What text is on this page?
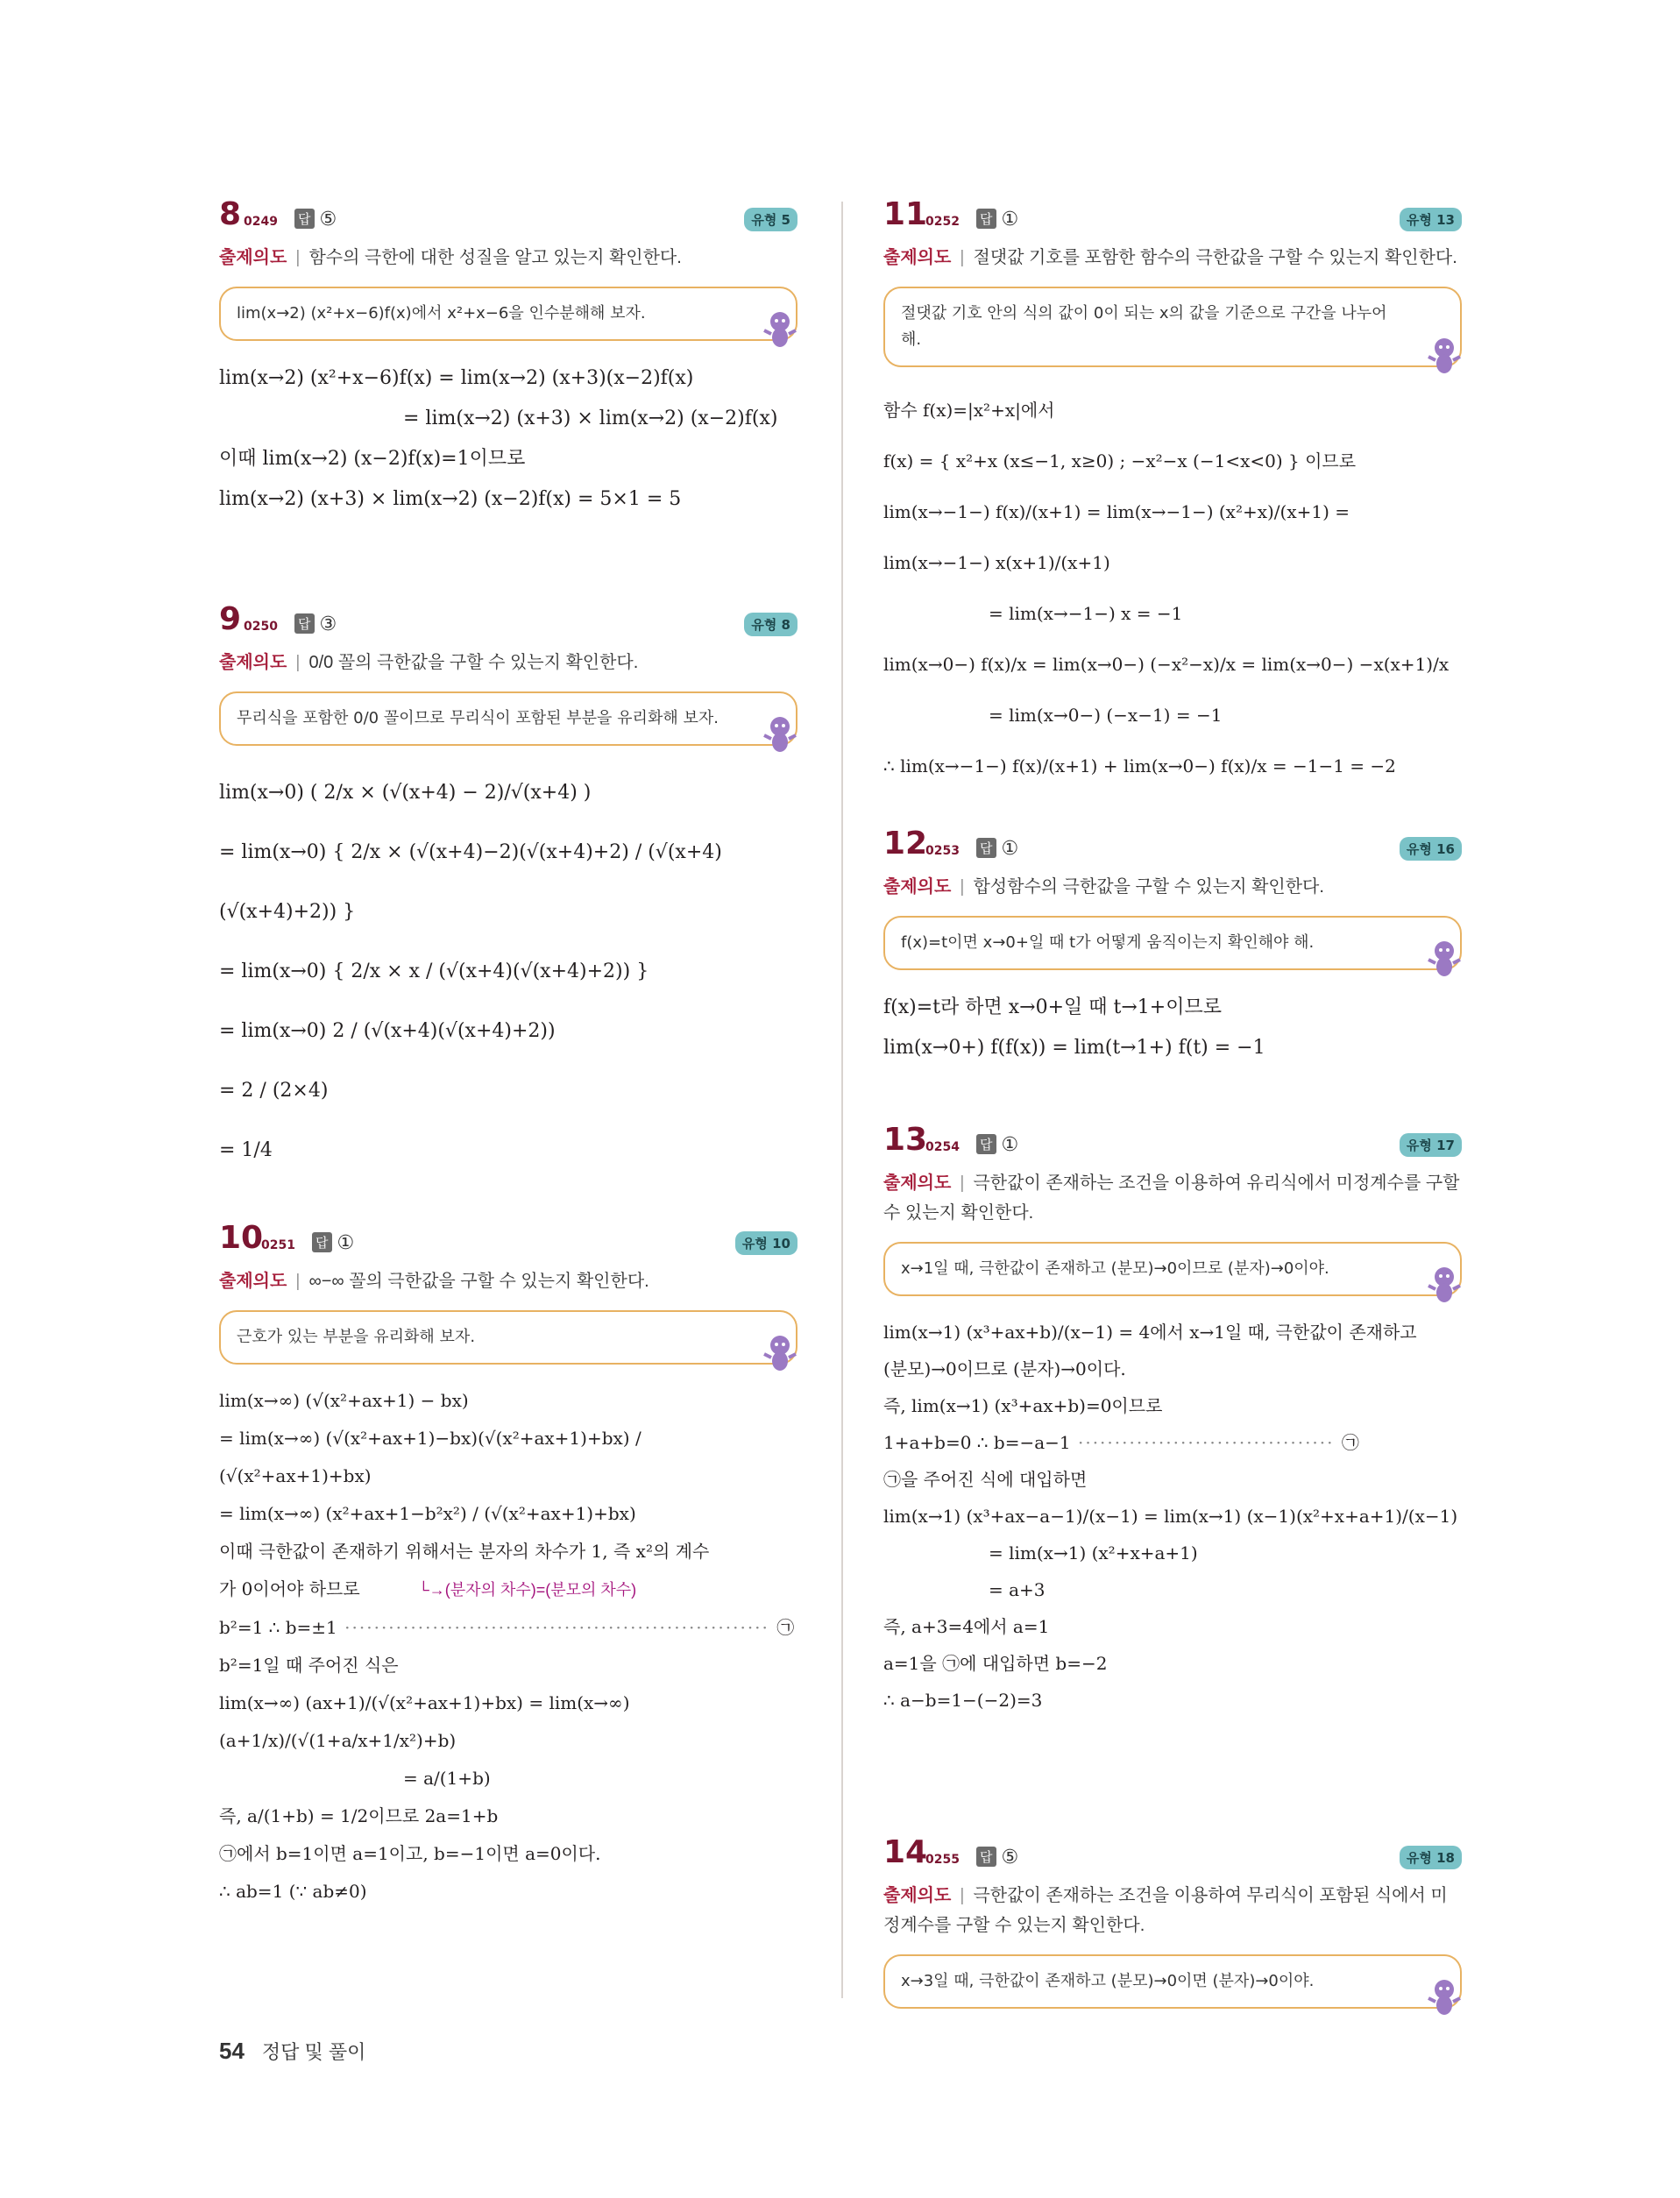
8 0249 답 ⑤	유형 5
출제의도 | 함수의 극한에 대한 성질을 알고 있는지 확인한다.
lim(x→2) (x²+x−6)f(x)에서 x²+x−6을 인수분해해 보자.
lim(x→2) (x²+x−6)f(x) = lim(x→2) (x+3)(x−2)f(x)
= lim(x→2) (x+3) × lim(x→2) (x−2)f(x)
이때 lim(x→2) (x−2)f(x)=1이므로
lim(x→2) (x+3) × lim(x→2) (x−2)f(x) = 5×1 = 5
9 0250 답 ③	유형 8
출제의도 | 0/0 꼴의 극한값을 구할 수 있는지 확인한다.
무리식을 포함한 0/0 꼴이므로 무리식이 포함된 부분을 유리화해 보자.
lim(x→0) ( 2/x × (√(x+4) − 2)/√(x+4) )
= lim(x→0) { 2/x × (√(x+4)−2)(√(x+4)+2) / (√(x+4)(√(x+4)+2)) }
= lim(x→0) { 2/x × x / (√(x+4)(√(x+4)+2)) }
= lim(x→0) 2 / (√(x+4)(√(x+4)+2))
= 2 / (2×4)
= 1/4
10
0251 답 ①	유형 10
출제의도 | ∞−∞ 꼴의 극한값을 구할 수 있는지 확인한다.
근호가 있는 부분을 유리화해 보자.
lim(x→∞) (√(x²+ax+1) − bx)
= lim(x→∞) (√(x²+ax+1)−bx)(√(x²+ax+1)+bx) / (√(x²+ax+1)+bx)
= lim(x→∞) (x²+ax+1−b²x²) / (√(x²+ax+1)+bx)
이때 극한값이 존재하기 위해서는 분자의 차수가 1, 즉 x²의 계수
가 0이어야 하므로	└→(분자의 차수)=(분모의 차수)
b²=1 ∴ b=±1 ·························································· ㉠
b²=1일 때 주어진 식은
lim(x→∞) (ax+1)/(√(x²+ax+1)+bx) = lim(x→∞) (a+1/x)/(√(1+a/x+1/x²)+b)
= a/(1+b)
즉, a/(1+b) = 1/2이므로 2a=1+b
㉠에서 b=1이면 a=1이고, b=−1이면 a=0이다.
∴ ab=1 (∵ ab≠0)
11
0252 답 ①	유형 13
출제의도 | 절댓값 기호를 포함한 함수의 극한값을 구할 수 있는지 확인한다.
절댓값 기호 안의 식의 값이 0이 되는 x의 값을 기준으로 구간을 나누어 해.
함수 f(x)=|x²+x|에서
f(x) = { x²+x (x≤−1, x≥0) ; −x²−x (−1<x<0) } 이므로
lim(x→−1−) f(x)/(x+1) = lim(x→−1−) (x²+x)/(x+1) = lim(x→−1−) x(x+1)/(x+1)
= lim(x→−1−) x = −1
lim(x→0−) f(x)/x = lim(x→0−) (−x²−x)/x = lim(x→0−) −x(x+1)/x
= lim(x→0−) (−x−1) = −1
∴ lim(x→−1−) f(x)/(x+1) + lim(x→0−) f(x)/x = −1−1 = −2
12
0253 답 ①	유형 16
출제의도 | 합성함수의 극한값을 구할 수 있는지 확인한다.
f(x)=t이면 x→0+일 때 t가 어떻게 움직이는지 확인해야 해.
f(x)=t라 하면 x→0+일 때 t→1+이므로
lim(x→0+) f(f(x)) = lim(t→1+) f(t) = −1
13
0254 답 ①	유형 17
출제의도 | 극한값이 존재하는 조건을 이용하여 유리식에서 미정계수를 구할 수 있는지 확인한다.
x→1일 때, 극한값이 존재하고 (분모)→0이므로 (분자)→0이야.
lim(x→1) (x³+ax+b)/(x−1) = 4에서 x→1일 때, 극한값이 존재하고
(분모)→0이므로 (분자)→0이다.
즉, lim(x→1) (x³+ax+b)=0이므로
1+a+b=0 ∴ b=−a−1 ··································· ㉠
㉠을 주어진 식에 대입하면
lim(x→1) (x³+ax−a−1)/(x−1) = lim(x→1) (x−1)(x²+x+a+1)/(x−1)
= lim(x→1) (x²+x+a+1)
= a+3
즉, a+3=4에서 a=1
a=1을 ㉠에 대입하면 b=−2
∴ a−b=1−(−2)=3
14
0255 답 ⑤	유형 18
출제의도 | 극한값이 존재하는 조건을 이용하여 무리식이 포함된 식에서 미정계수를 구할 수 있는지 확인한다.
x→3일 때, 극한값이 존재하고 (분모)→0이면 (분자)→0이야.
54 정답 및 풀이
